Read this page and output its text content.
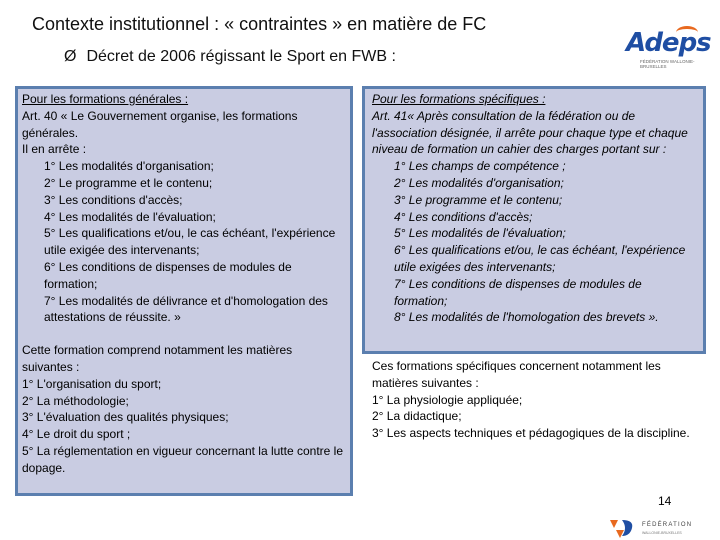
Contexte institutionnel : « contraintes » en matière de FC
Ø Décret de 2006 régissant le Sport en FWB :	Adeps
FÉDÉRATION WALLONIE-BRUXELLES
Pour les formations générales :
Art. 40 « Le Gouvernement organise, les formations générales.
Il en arrête :
1° Les modalités d'organisation;
2° Le programme et le contenu;
3° Les conditions d'accès;
4° Les modalités de l'évaluation;
5° Les qualifications et/ou, le cas échéant, l'expérience utile exigée des intervenants;
6° Les conditions de dispenses de modules de formation;
7° Les modalités de délivrance et d'homologation des attestations de réussite. »
Cette formation comprend notamment les matières suivantes :
1° L'organisation du sport;
2° La méthodologie;
3° L'évaluation des qualités physiques;
4° Le droit du sport ;
5° La réglementation en vigueur concernant la lutte contre le dopage.
Pour les formations spécifiques :
Art. 41« Après consultation de la fédération ou de l'association désignée, il arrête pour chaque type et chaque niveau de formation un cahier des charges portant sur :
1° Les champs de compétence ;
2° Les modalités d'organisation;
3° Le programme et le contenu;
4° Les conditions d'accès;
5° Les modalités de l'évaluation;
6° Les qualifications et/ou, le cas échéant, l'expérience utile exigées des intervenants;
7° Les conditions de dispenses de modules de formation;
8° Les modalités de l'homologation des brevets ».
Ces formations spécifiques concernent notamment les matières suivantes :
1° La physiologie appliquée;
2° La didactique;
3° Les aspects techniques et pédagogiques de la discipline.
14
FÉDÉRATION
WALLONIE-BRUXELLES
